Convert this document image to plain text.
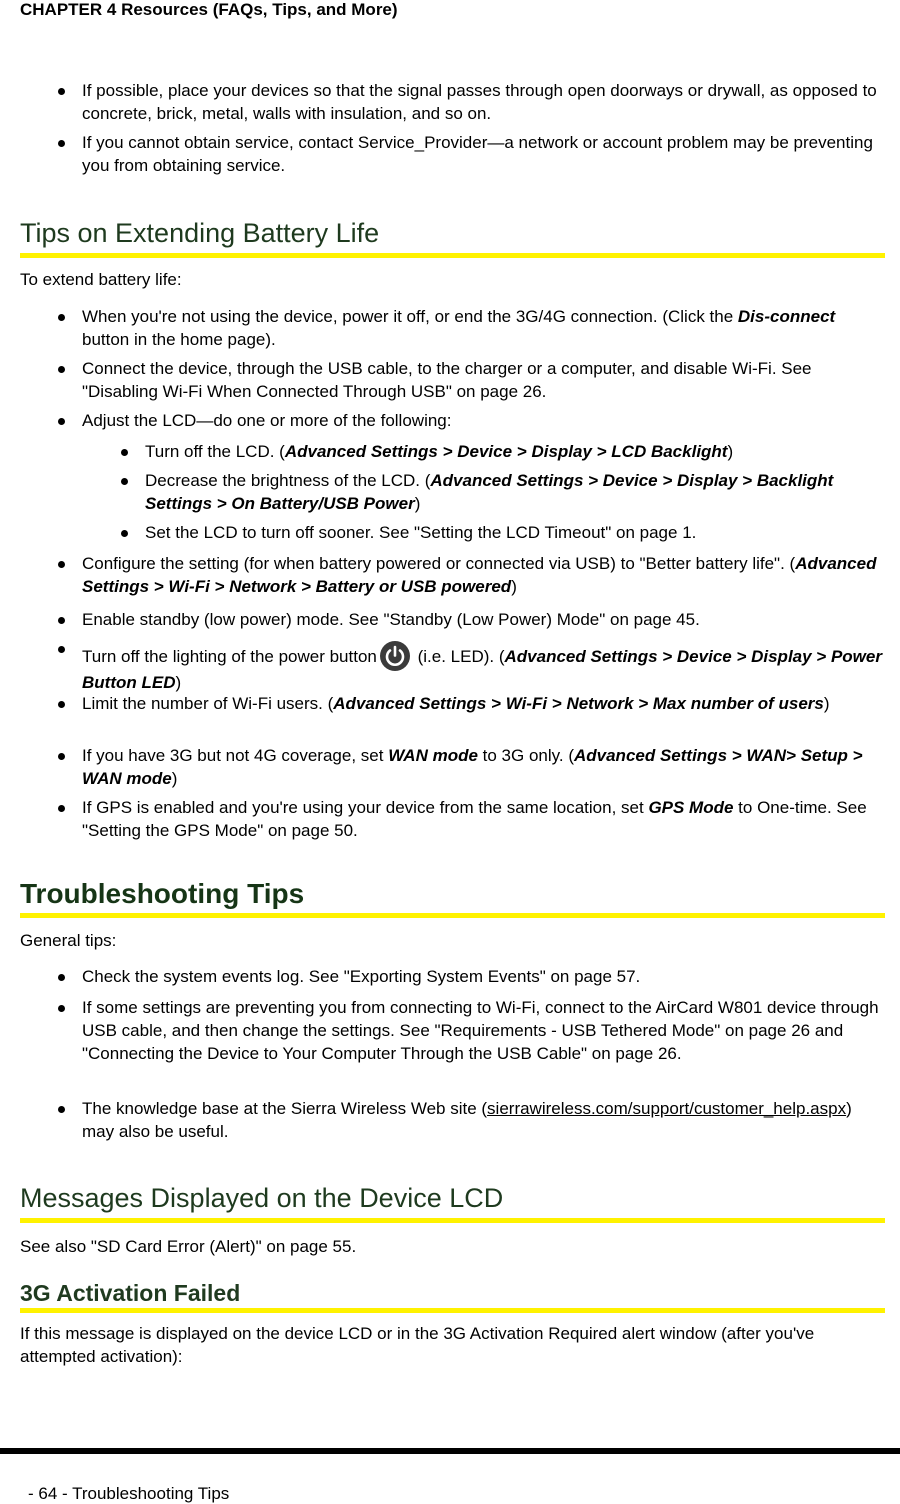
CHAPTER 4 Resources (FAQs, Tips, and More)
If possible, place your devices so that the signal passes through open doorways or drywall, as opposed to concrete, brick, metal, walls with insulation, and so on.
If you cannot obtain service, contact Service_Provider—a network or account problem may be preventing you from obtaining service.
Tips on Extending Battery Life
To extend battery life:
When you're not using the device, power it off, or end the 3G/4G connection. (Click the Dis-connect button in the home page).
Connect the device, through the USB cable, to the charger or a computer, and disable Wi-Fi. See "Disabling Wi-Fi When Connected Through USB" on page 26.
Adjust the LCD—do one or more of the following:
Turn off the LCD. (Advanced Settings > Device > Display > LCD Backlight)
Decrease the brightness of the LCD. (Advanced Settings > Device > Display > Backlight Settings > On Battery/USB Power)
Set the LCD to turn off sooner. See "Setting the LCD Timeout" on page 1.
Configure the setting (for when battery powered or connected via USB) to "Better battery life". (Advanced Settings > Wi-Fi > Network > Battery or USB powered)
Enable standby (low power) mode. See "Standby (Low Power) Mode" on page 45.
Turn off the lighting of the power button
(i.e. LED). (Advanced Settings > Device > Display > Power Button LED)
Limit the number of Wi-Fi users. (Advanced Settings > Wi-Fi > Network > Max number of users)
If you have 3G but not 4G coverage, set WAN mode to 3G only. (Advanced Settings > WAN> Setup > WAN mode)
If GPS is enabled and you're using your device from the same location, set GPS Mode to One-time. See "Setting the GPS Mode" on page 50.
Troubleshooting Tips
General tips:
Check the system events log. See "Exporting System Events" on page 57.
If some settings are preventing you from connecting to Wi-Fi, connect to the AirCard W801 device through USB cable, and then change the settings. See "Requirements - USB Tethered Mode" on page 26 and "Connecting the Device to Your Computer Through the USB Cable" on page 26.
The knowledge base at the Sierra Wireless Web site (sierrawireless.com/support/customer_help.aspx) may also be useful.
Messages Displayed on the Device LCD
See also "SD Card Error (Alert)" on page 55.
3G Activation Failed
If this message is displayed on the device LCD or in the 3G Activation Required alert window (after you've attempted activation):
- 64 - Troubleshooting Tips
